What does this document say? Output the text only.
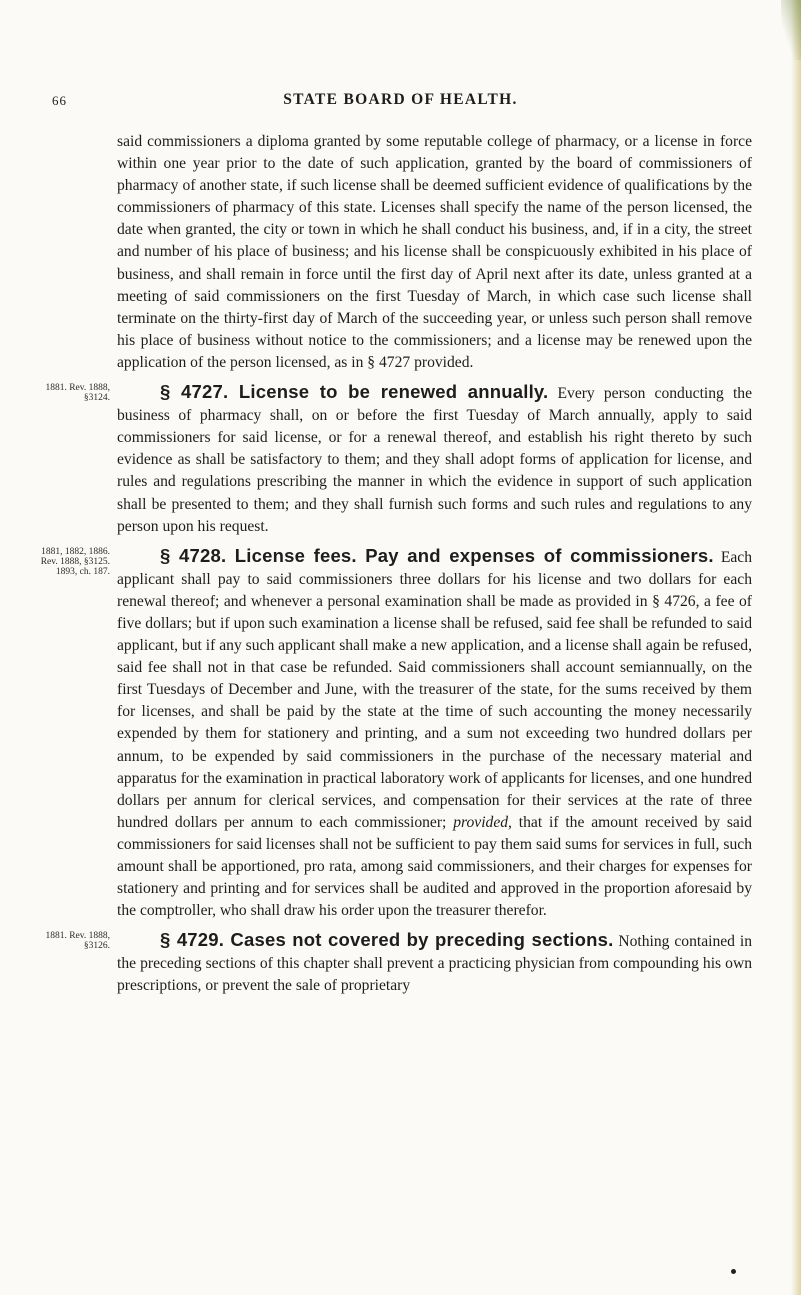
66	STATE BOARD OF HEALTH.

said commissioners a diploma granted by some reputable college of pharmacy, or a license in force within one year prior to the date of such application, granted by the board of commissioners of pharmacy of another state, if such license shall be deemed sufficient evidence of qualifications by the commissioners of pharmacy of this state. Licenses shall specify the name of the person licensed, the date when granted, the city or town in which he shall conduct his business, and, if in a city, the street and number of his place of business; and his license shall be conspicuously exhibited in his place of business, and shall remain in force until the first day of April next after its date, unless granted at a meeting of said commissioners on the first Tuesday of March, in which case such license shall terminate on the thirty-first day of March of the succeeding year, or unless such person shall remove his place of business without notice to the commissioners; and a license may be renewed upon the application of the person licensed, as in § 4727 provided.

1881. Rev. 1888, §3124.	§ 4727. License to be renewed annually. Every person conducting the business of pharmacy shall, on or before the first Tuesday of March annually, apply to said commissioners for said license, or for a renewal thereof, and establish his right thereto by such evidence as shall be satisfactory to them; and they shall adopt forms of application for license, and rules and regulations prescribing the manner in which the evidence in support of such application shall be presented to them; and they shall furnish such forms and such rules and regulations to any person upon his request.

1881, 1882, 1886. Rev. 1888, §3125. 1893, ch. 187.
§ 4728. License fees. Pay and expenses of commissioners. Each applicant shall pay to said commissioners three dollars for his license and two dollars for each renewal thereof; and whenever a personal examination shall be made as provided in § 4726, a fee of five dollars; but if upon such examination a license shall be refused, said fee shall be refunded to said applicant, but if any such applicant shall make a new application, and a license shall again be refused, said fee shall not in that case be refunded. Said commissioners shall account semiannually, on the first Tuesdays of December and June, with the treasurer of the state, for the sums received by them for licenses, and shall be paid by the state at the time of such accounting the money necessarily expended by them for stationery and printing, and a sum not exceeding two hundred dollars per annum, to be expended by said commissioners in the purchase of the necessary material and apparatus for the examination in practical laboratory work of applicants for licenses, and one hundred dollars per annum for clerical services, and compensation for their services at the rate of three hundred dollars per annum to each commissioner; provided, that if the amount received by said commissioners for said licenses shall not be sufficient to pay them said sums for services in full, such amount shall be apportioned, pro rata, among said commissioners, and their charges for expenses for stationery and printing and for services shall be audited and approved in the proportion aforesaid by the comptroller, who shall draw his order upon the treasurer therefor.

1881. Rev. 1888, §3126.	§ 4729. Cases not covered by preceding sections. Nothing contained in the preceding sections of this chapter shall prevent a practicing physician from compounding his own prescriptions, or prevent the sale of proprietary
